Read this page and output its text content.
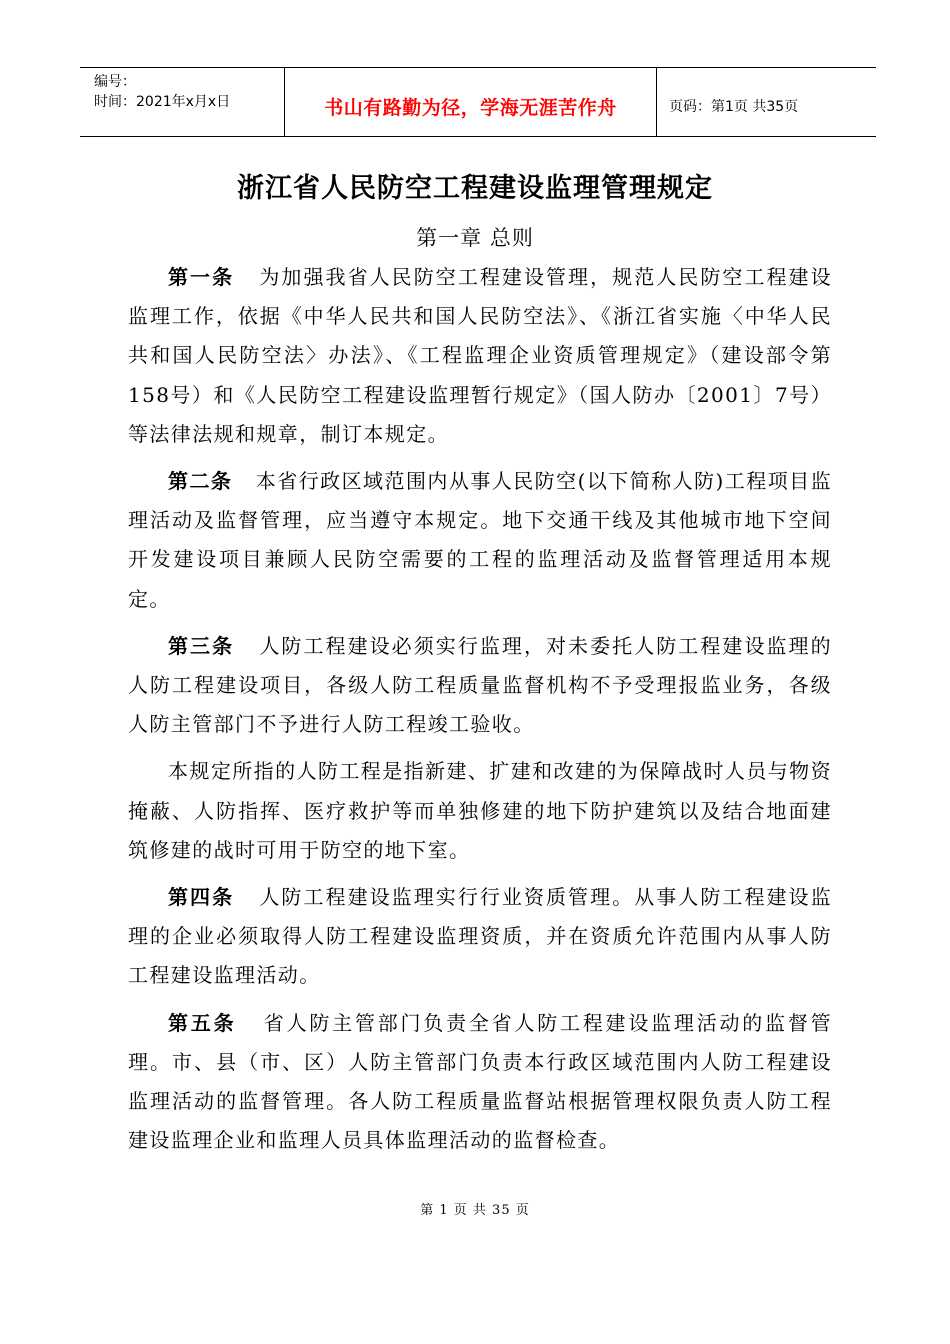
编号：
时间：2021年x月x日	书山有路勤为径，学海无涯苦作舟	页码：第1页 共35页
浙江省人民防空工程建设监理管理规定
第一章 总则

第一条 为加强我省人民防空工程建设管理，规范人民防空工程建设监理工作，依据《中华人民共和国人民防空法》、《浙江省实施〈中华人民共和国人民防空法〉办法》、《工程监理企业资质管理规定》（建设部令第158号）和《人民防空工程建设监理暂行规定》（国人防办〔2001〕7号）等法律法规和规章，制订本规定。

第二条 本省行政区域范围内从事人民防空(以下简称人防)工程项目监理活动及监督管理，应当遵守本规定。地下交通干线及其他城市地下空间开发建设项目兼顾人民防空需要的工程的监理活动及监督管理适用本规定。

第三条 人防工程建设必须实行监理，对未委托人防工程建设监理的人防工程建设项目，各级人防工程质量监督机构不予受理报监业务，各级人防主管部门不予进行人防工程竣工验收。

本规定所指的人防工程是指新建、扩建和改建的为保障战时人员与物资掩蔽、人防指挥、医疗救护等而单独修建的地下防护建筑以及结合地面建筑修建的战时可用于防空的地下室。

第四条 人防工程建设监理实行行业资质管理。从事人防工程建设监理的企业必须取得人防工程建设监理资质，并在资质允许范围内从事人防工程建设监理活动。

第五条 省人防主管部门负责全省人防工程建设监理活动的监督管理。市、县（市、区）人防主管部门负责本行政区域范围内人防工程建设监理活动的监督管理。各人防工程质量监督站根据管理权限负责人防工程建设监理企业和监理人员具体监理活动的监督检查。

第 1 页 共 35 页
